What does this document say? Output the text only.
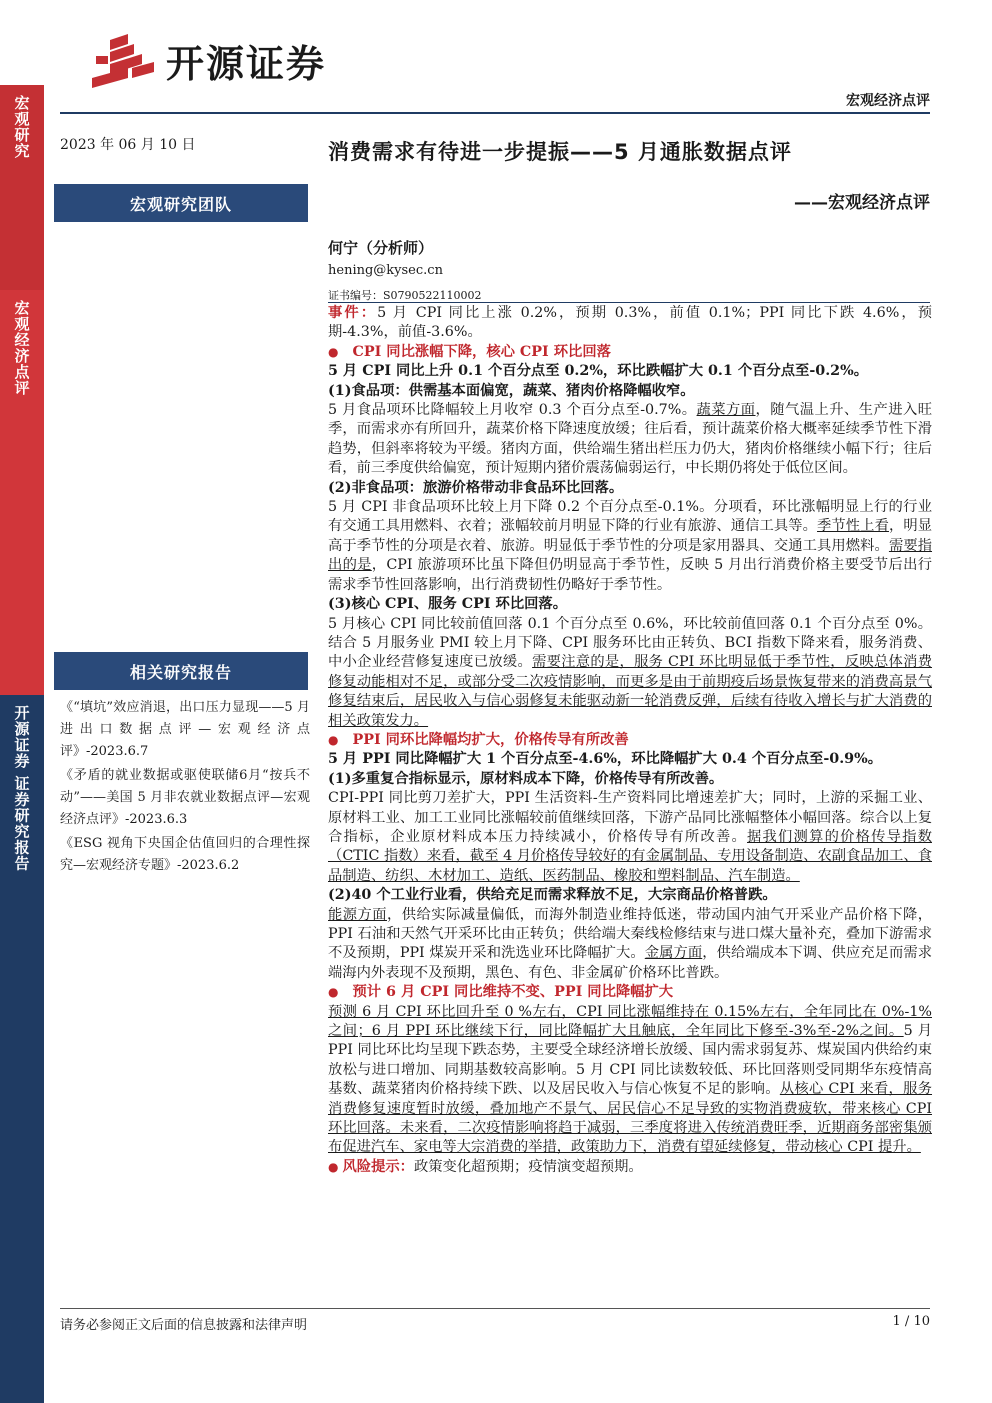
宏观研究
宏观经济点评
开源证券 证券研究报告
开源证券
宏观经济点评
2023 年 06 月 10 日	消费需求有待进一步提振——5 月通胀数据点评
——宏观经济点评
宏观研究团队
何宁（分析师）
hening@kysec.cn
证书编号：S0790522110002
相关研究报告

《“填坑”效应消退，出口压力显现——5 月进出口数据点评—宏观经济点评》-2023.6.7

《矛盾的就业数据或驱使联储6月“按兵不动”——美国 5 月非农就业数据点评—宏观经济点评》-2023.6.3

《ESG 视角下央国企估值回归的合理性探究—宏观经济专题》-2023.6.2

事件：5 月 CPI 同比上涨 0.2%，预期 0.3%，前值 0.1%；PPI 同比下跌 4.6%，预期-4.3%，前值-3.6%。

● CPI 同比涨幅下降，核心 CPI 环比回落

5 月 CPI 同比上升 0.1 个百分点至 0.2%，环比跌幅扩大 0.1 个百分点至-0.2%。

(1)食品项：供需基本面偏宽，蔬菜、猪肉价格降幅收窄。

5 月食品项环比降幅较上月收窄 0.3 个百分点至-0.7%。蔬菜方面，随气温上升、生产进入旺季，而需求亦有所回升，蔬菜价格下降速度放缓；往后看，预计蔬菜价格大概率延续季节性下滑趋势，但斜率将较为平缓。猪肉方面，供给端生猪出栏压力仍大，猪肉价格继续小幅下行；往后看，前三季度供给偏宽，预计短期内猪价震荡偏弱运行，中长期仍将处于低位区间。

(2)非食品项：旅游价格带动非食品环比回落。

5 月 CPI 非食品项环比较上月下降 0.2 个百分点至-0.1%。分项看，环比涨幅明显上行的行业有交通工具用燃料、衣着；涨幅较前月明显下降的行业有旅游、通信工具等。季节性上看，明显高于季节性的分项是衣着、旅游。明显低于季节性的分项是家用器具、交通工具用燃料。需要指出的是，CPI 旅游项环比虽下降但仍明显高于季节性，反映 5 月出行消费价格主要受节后出行需求季节性回落影响，出行消费韧性仍略好于季节性。

(3)核心 CPI、服务 CPI 环比回落。

5 月核心 CPI 同比较前值回落 0.1 个百分点至 0.6%，环比较前值回落 0.1 个百分点至 0%。结合 5 月服务业 PMI 较上月下降、CPI 服务环比由正转负、BCI 指数下降来看，服务消费、中小企业经营修复速度已放缓。需要注意的是，服务 CPI 环比明显低于季节性，反映总体消费修复动能相对不足，或部分受二次疫情影响，而更多是由于前期疫后场景恢复带来的消费高景气修复结束后，居民收入与信心弱修复未能驱动新一轮消费反弹，后续有待收入增长与扩大消费的相关政策发力。

● PPI 同环比降幅均扩大，价格传导有所改善

5 月 PPI 同比降幅扩大 1 个百分点至-4.6%，环比降幅扩大 0.4 个百分点至-0.9%。

(1)多重复合指标显示，原材料成本下降，价格传导有所改善。

CPI-PPI 同比剪刀差扩大，PPI 生活资料-生产资料同比增速差扩大；同时，上游的采掘工业、原材料工业、加工工业同比涨幅较前值继续回落，下游产品同比涨幅整体小幅回落。综合以上复合指标，企业原材料成本压力持续减小，价格传导有所改善。据我们测算的价格传导指数（CTIC 指数）来看，截至 4 月价格传导较好的有金属制品、专用设备制造、农副食品加工、食品制造、纺织、木材加工、造纸、医药制品、橡胶和塑料制品、汽车制造。

(2)40 个工业行业看，供给充足而需求释放不足，大宗商品价格普跌。

能源方面，供给实际减量偏低，而海外制造业维持低迷，带动国内油气开采业产品价格下降，PPI 石油和天然气开采环比由正转负；供给端大秦线检修结束与进口煤大量补充，叠加下游需求不及预期，PPI 煤炭开采和洗选业环比降幅扩大。金属方面，供给端成本下调、供应充足而需求端海内外表现不及预期，黑色、有色、非金属矿价格环比普跌。

● 预计 6 月 CPI 同比维持不变、PPI 同比降幅扩大

预测 6 月 CPI 环比回升至 0 %左右，CPI 同比涨幅维持在 0.15%左右，全年同比在 0%-1%之间；6 月 PPI 环比继续下行，同比降幅扩大且触底，全年同比下修至-3%至-2%之间。5 月 PPI 同比环比均呈现下跌态势，主要受全球经济增长放缓、国内需求弱复苏、煤炭国内供给约束放松与进口增加、同期基数较高影响。5 月 CPI 同比读数较低、环比回落则受同期华东疫情高基数、蔬菜猪肉价格持续下跌、以及居民收入与信心恢复不足的影响。从核心 CPI 来看，服务消费修复速度暂时放缓，叠加地产不景气、居民信心不足导致的实物消费疲软，带来核心 CPI 环比回落。未来看，二次疫情影响将趋于减弱，三季度将进入传统消费旺季，近期商务部密集颁布促进汽车、家电等大宗消费的举措，政策助力下，消费有望延续修复，带动核心 CPI 提升。

● 风险提示：政策变化超预期；疫情演变超预期。

请务必参阅正文后面的信息披露和法律声明	1 / 10
